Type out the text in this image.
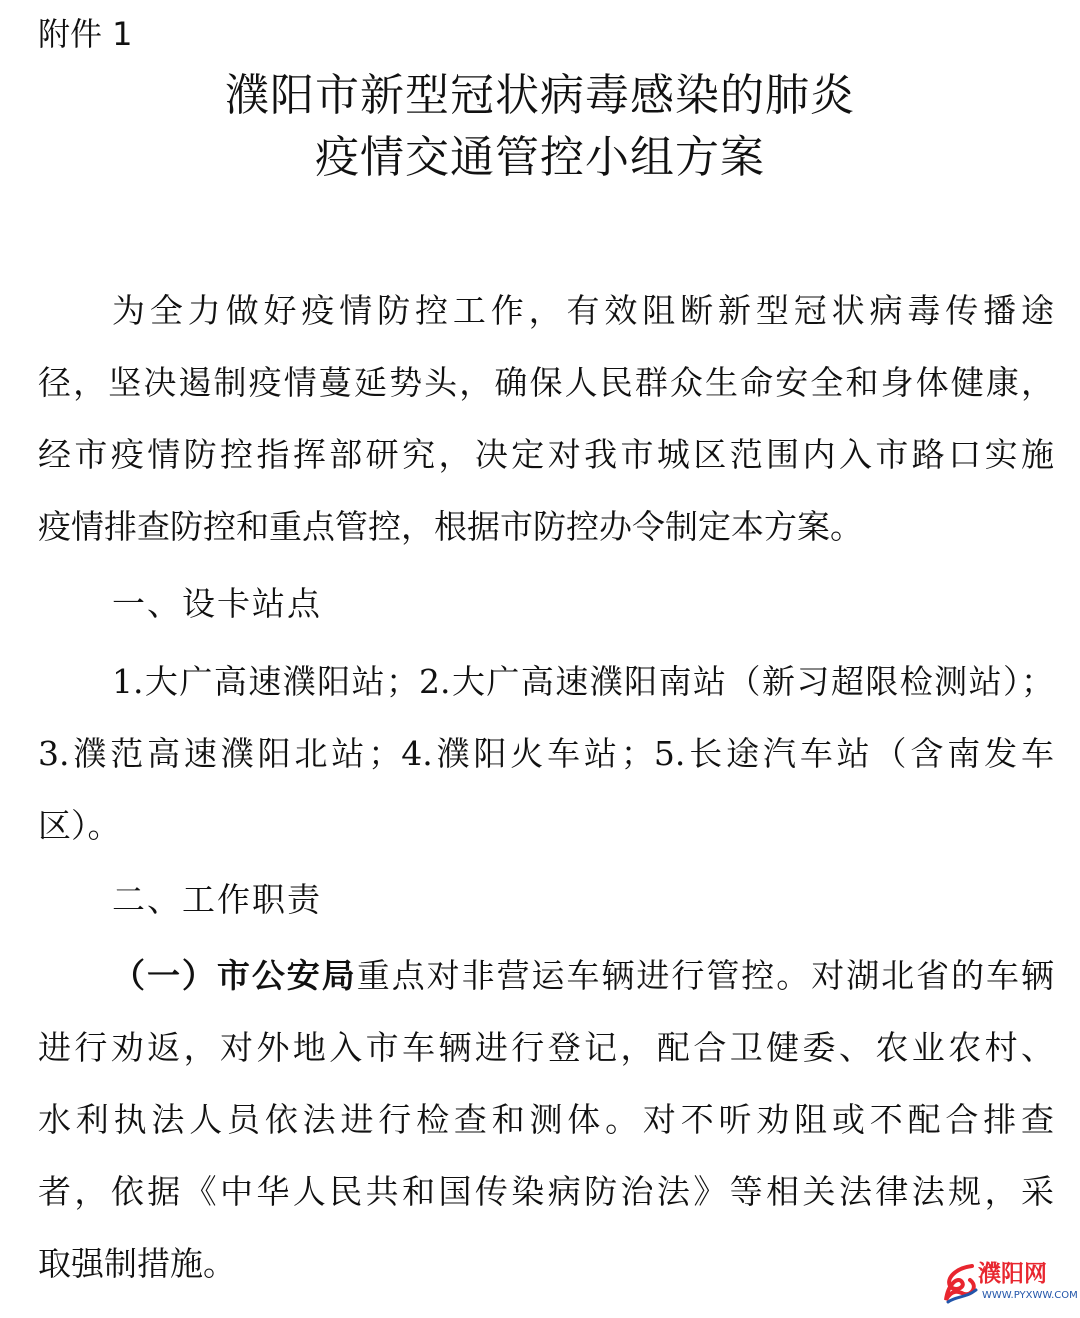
附件 1
濮阳市新型冠状病毒感染的肺炎
疫情交通管控小组方案
为全力做好疫情防控工作，有效阻断新型冠状病毒传播途
径，坚决遏制疫情蔓延势头，确保人民群众生命安全和身体健康，
经市疫情防控指挥部研究，决定对我市城区范围内入市路口实施
疫情排查防控和重点管控，根据市防控办令制定本方案。
一、设卡站点
1.大广高速濮阳站；2.大广高速濮阳南站（新习超限检测站）；
3.濮范高速濮阳北站；4.濮阳火车站；5.长途汽车站（含南发车
区）。
二、工作职责
（一）市公安局重点对非营运车辆进行管控。对湖北省的车辆
进行劝返，对外地入市车辆进行登记，配合卫健委、农业农村、
水利执法人员依法进行检查和测体。对不听劝阻或不配合排查
者，依据《中华人民共和国传染病防治法》等相关法律法规，采
取强制措施。	濮阳网
WWW.PYXWW.COM
